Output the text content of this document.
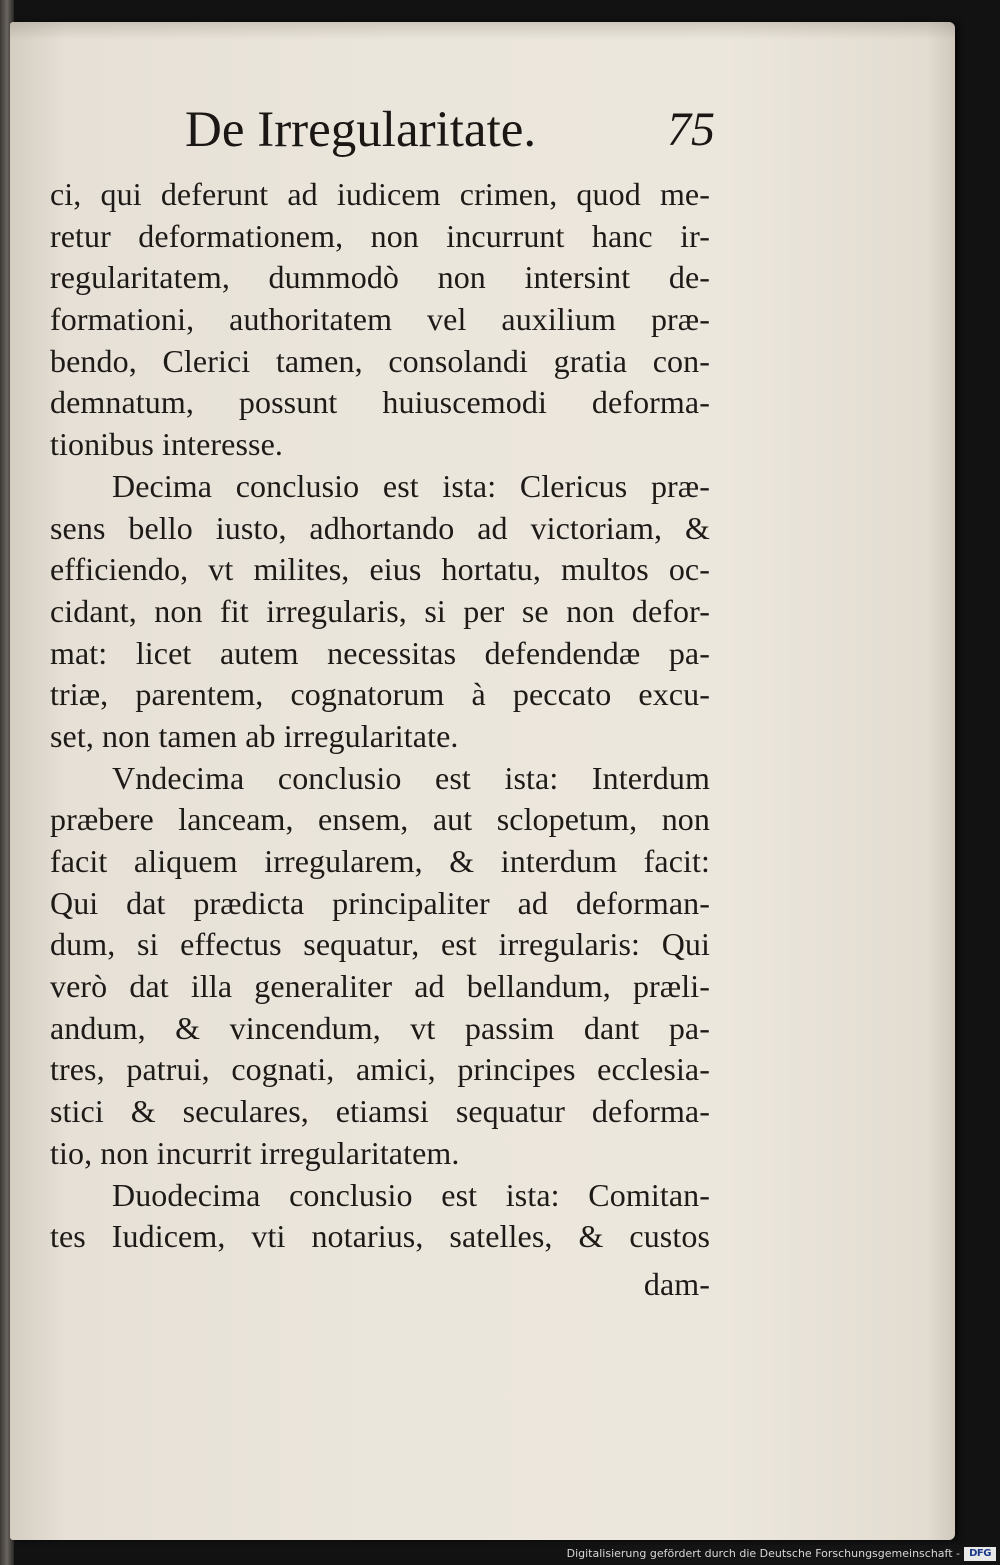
De Irregularitate.	75
ci, qui deferunt ad iudicem crimen, quod me-
retur deformationem, non incurrunt hanc ir-
regularitatem, dummodò non intersint de-
formationi, authoritatem vel auxilium præ-
bendo, Clerici tamen, consolandi gratia con-
demnatum, possunt huiuscemodi deforma-
tionibus interesse.
Decima conclusio est ista: Clericus præ-
sens bello iusto, adhortando ad victoriam, &
efficiendo, vt milites, eius hortatu, multos oc-
cidant, non fit irregularis, si per se non defor-
mat: licet autem necessitas defendendæ pa-
triæ, parentem, cognatorum à peccato excu-
set, non tamen ab irregularitate.
Vndecima conclusio est ista: Interdum
præbere lanceam, ensem, aut sclopetum, non
facit aliquem irregularem, & interdum facit:
Qui dat prædicta principaliter ad deforman-
dum, si effectus sequatur, est irregularis: Qui
verò dat illa generaliter ad bellandum, præli-
andum, & vincendum, vt passim dant pa-
tres, patrui, cognati, amici, principes ecclesia-
stici & seculares, etiamsi sequatur deforma-
tio, non incurrit irregularitatem.
Duodecima conclusio est ista: Comitan-
tes Iudicem, vti notarius, satelles, & custos
dam-
Digitalisierung gefördert durch die Deutsche Forschungsgemeinschaft - DFG
